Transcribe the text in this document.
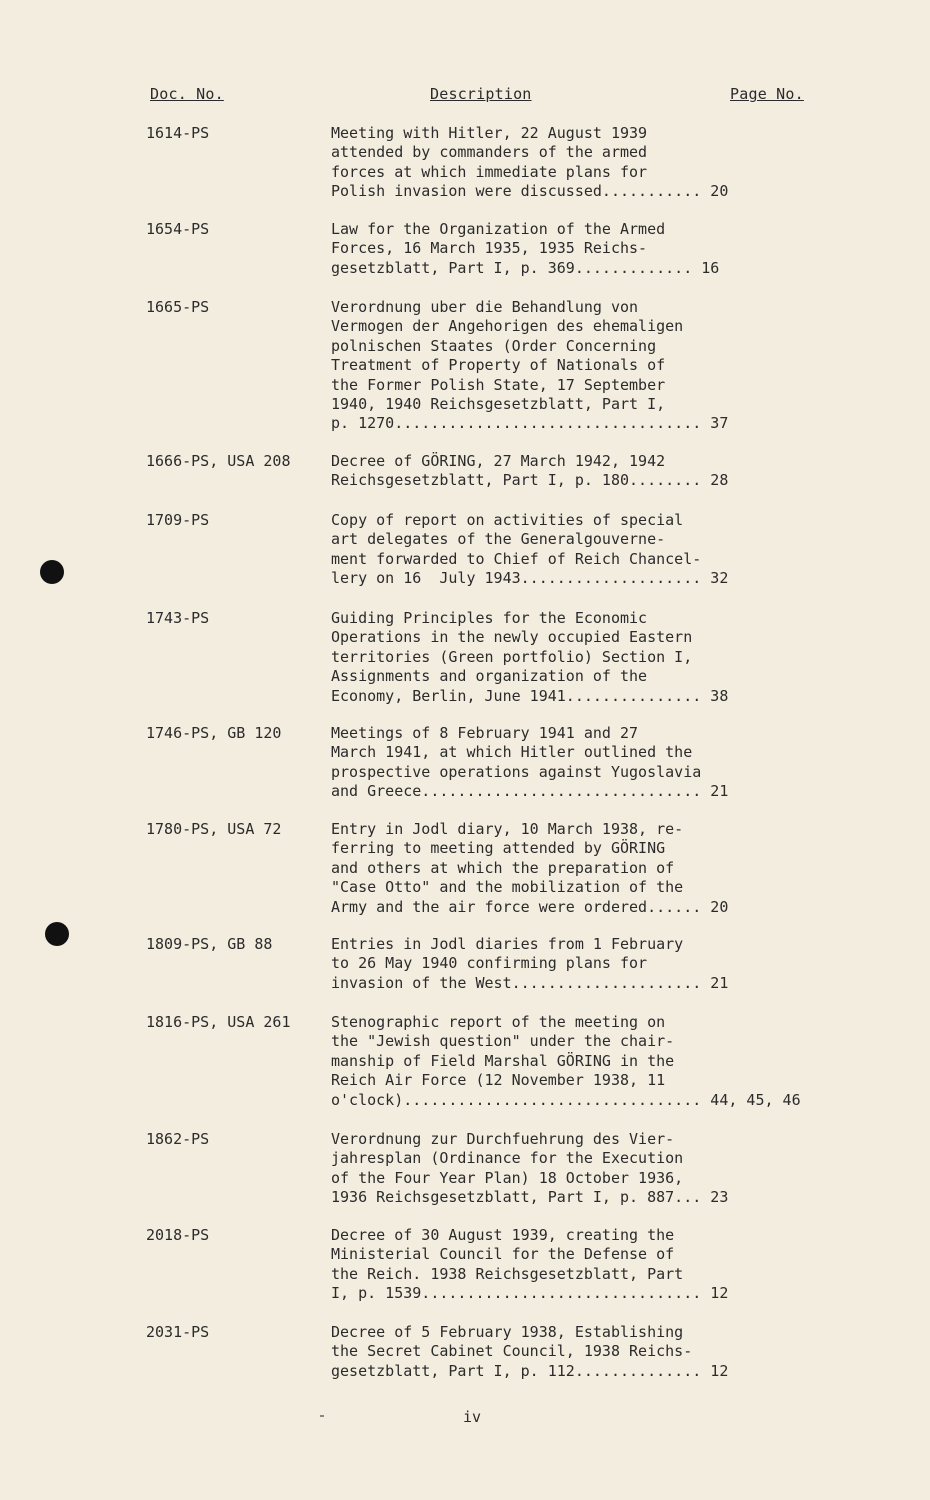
Doc. No.	Description	Page No.
1614-PS	Meeting with Hitler, 22 August 1939
attended by commanders of the armed
forces at which immediate plans for
Polish invasion were discussed........... 20
1654-PS	Law for the Organization of the Armed
Forces, 16 March 1935, 1935 Reichs-
gesetzblatt, Part I, p. 369............. 16
1665-PS	Verordnung uber die Behandlung von
Vermogen der Angehorigen des ehemaligen
polnischen Staates (Order Concerning
Treatment of Property of Nationals of
the Former Polish State, 17 September
1940, 1940 Reichsgesetzblatt, Part I,
p. 1270.................................. 37
1666-PS, USA 208	Decree of GÖRING, 27 March 1942, 1942
Reichsgesetzblatt, Part I, p. 180........ 28
1709-PS	Copy of report on activities of special
art delegates of the Generalgouverne-
ment forwarded to Chief of Reich Chancel-
lery on 16  July 1943.................... 32
1743-PS	Guiding Principles for the Economic
Operations in the newly occupied Eastern
territories (Green portfolio) Section I,
Assignments and organization of the
Economy, Berlin, June 1941............... 38
1746-PS, GB 120	Meetings of 8 February 1941 and 27
March 1941, at which Hitler outlined the
prospective operations against Yugoslavia
and Greece............................... 21
1780-PS, USA 72	Entry in Jodl diary, 10 March 1938, re-
ferring to meeting attended by GÖRING
and others at which the preparation of
"Case Otto" and the mobilization of the
Army and the air force were ordered...... 20
1809-PS, GB 88	Entries in Jodl diaries from 1 February
to 26 May 1940 confirming plans for
invasion of the West..................... 21
1816-PS, USA 261	Stenographic report of the meeting on
the "Jewish question" under the chair-
manship of Field Marshal GÖRING in the
Reich Air Force (12 November 1938, 11
o'clock)................................. 44, 45, 46
1862-PS	Verordnung zur Durchfuehrung des Vier-
jahresplan (Ordinance for the Execution
of the Four Year Plan) 18 October 1936,
1936 Reichsgesetzblatt, Part I, p. 887... 23
2018-PS	Decree of 30 August 1939, creating the
Ministerial Council for the Defense of
the Reich. 1938 Reichsgesetzblatt, Part
I, p. 1539............................... 12
2031-PS	Decree of 5 February 1938, Establishing
the Secret Cabinet Council, 1938 Reichs-
gesetzblatt, Part I, p. 112.............. 12
iv
